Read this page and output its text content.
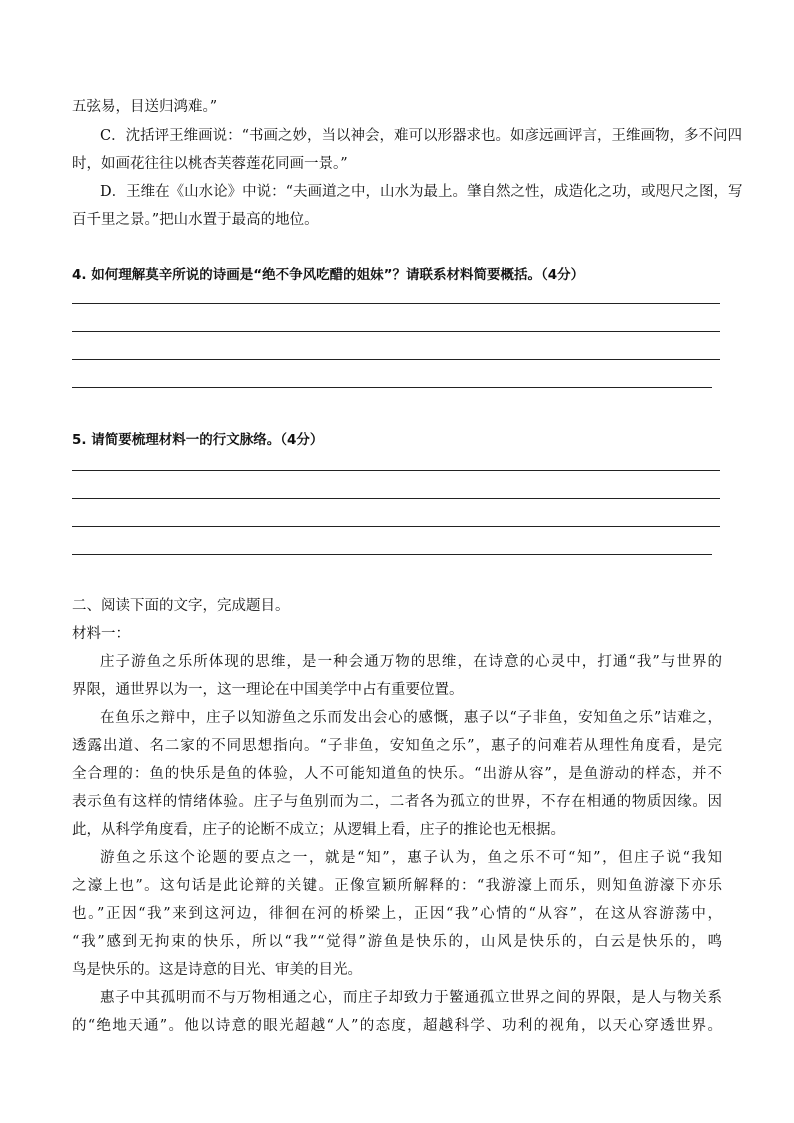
五弦易，目送归鸿难。”
C．沈括评王维画说：“书画之妙，当以神会，难可以形器求也。如彦远画评言，王维画物，多不问四
时，如画花往往以桃杏芙蓉莲花同画一景。”
D．王维在《山水论》中说：“夫画道之中，山水为最上。肇自然之性，成造化之功，或咫尺之图，写
百千里之景。”把山水置于最高的地位。
4. 如何理解莫辛所说的诗画是“绝不争风吃醋的姐妹”？请联系材料简要概括。（4分）
5. 请简要梳理材料一的行文脉络。（4分）
二、阅读下面的文字，完成题目。
材料一：
庄子游鱼之乐所体现的思维，是一种会通万物的思维，在诗意的心灵中，打通“我”与世界的
界限，通世界以为一，这一理论在中国美学中占有重要位置。
在鱼乐之辩中，庄子以知游鱼之乐而发出会心的感慨，惠子以“子非鱼，安知鱼之乐”诘难之，
透露出道、名二家的不同思想指向。“子非鱼，安知鱼之乐”，惠子的问难若从理性角度看，是完
全合理的：鱼的快乐是鱼的体验，人不可能知道鱼的快乐。“出游从容”，是鱼游动的样态，并不
表示鱼有这样的情绪体验。庄子与鱼别而为二，二者各为孤立的世界，不存在相通的物质因缘。因
此，从科学角度看，庄子的论断不成立；从逻辑上看，庄子的推论也无根据。
游鱼之乐这个论题的要点之一，就是“知”，惠子认为，鱼之乐不可“知”，但庄子说“我知
之濠上也”。这句话是此论辩的关键。正像宣颖所解释的：“我游濠上而乐，则知鱼游濠下亦乐
也。”正因“我”来到这河边，徘徊在河的桥梁上，正因“我”心情的“从容”，在这从容游荡中，
“我”感到无拘束的快乐，所以“我”“觉得”游鱼是快乐的，山风是快乐的，白云是快乐的，鸣
鸟是快乐的。这是诗意的目光、审美的目光。
惠子中其孤明而不与万物相通之心，而庄子却致力于鳘通孤立世界之间的界限，是人与物关系
的“绝地天通”。他以诗意的眼光超越“人”的态度，超越科学、功利的视角，以天心穿透世界。
